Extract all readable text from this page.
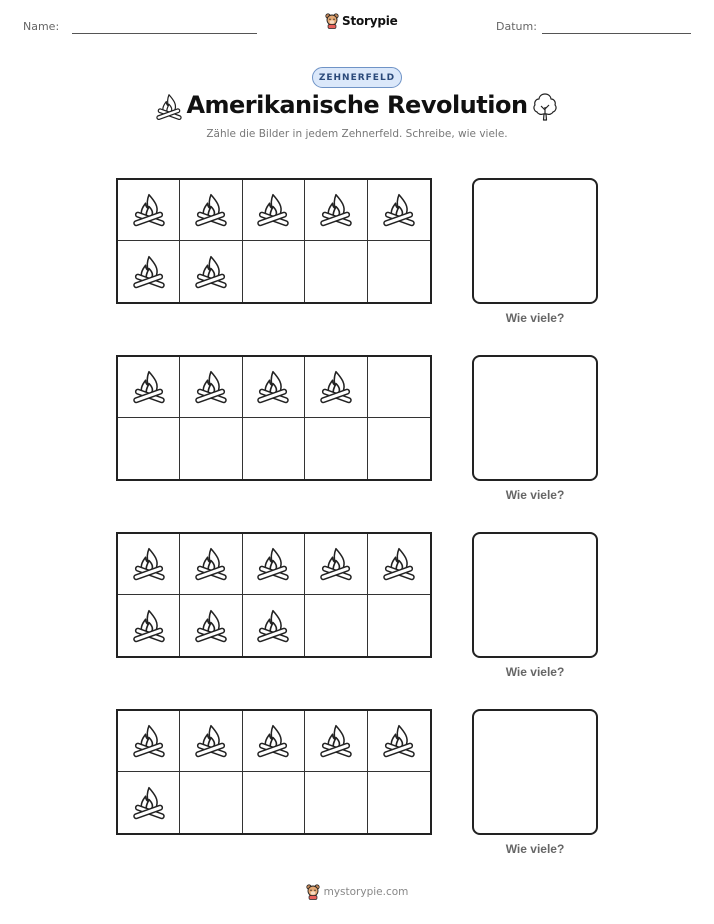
Name:	Storypie	Datum:
ZEHNERFELD
Amerikanische Revolution
Zähle die Bilder in jedem Zehnerfeld. Schreibe, wie viele.
Wie viele?
Wie viele?
Wie viele?
Wie viele?
mystorypie.com
